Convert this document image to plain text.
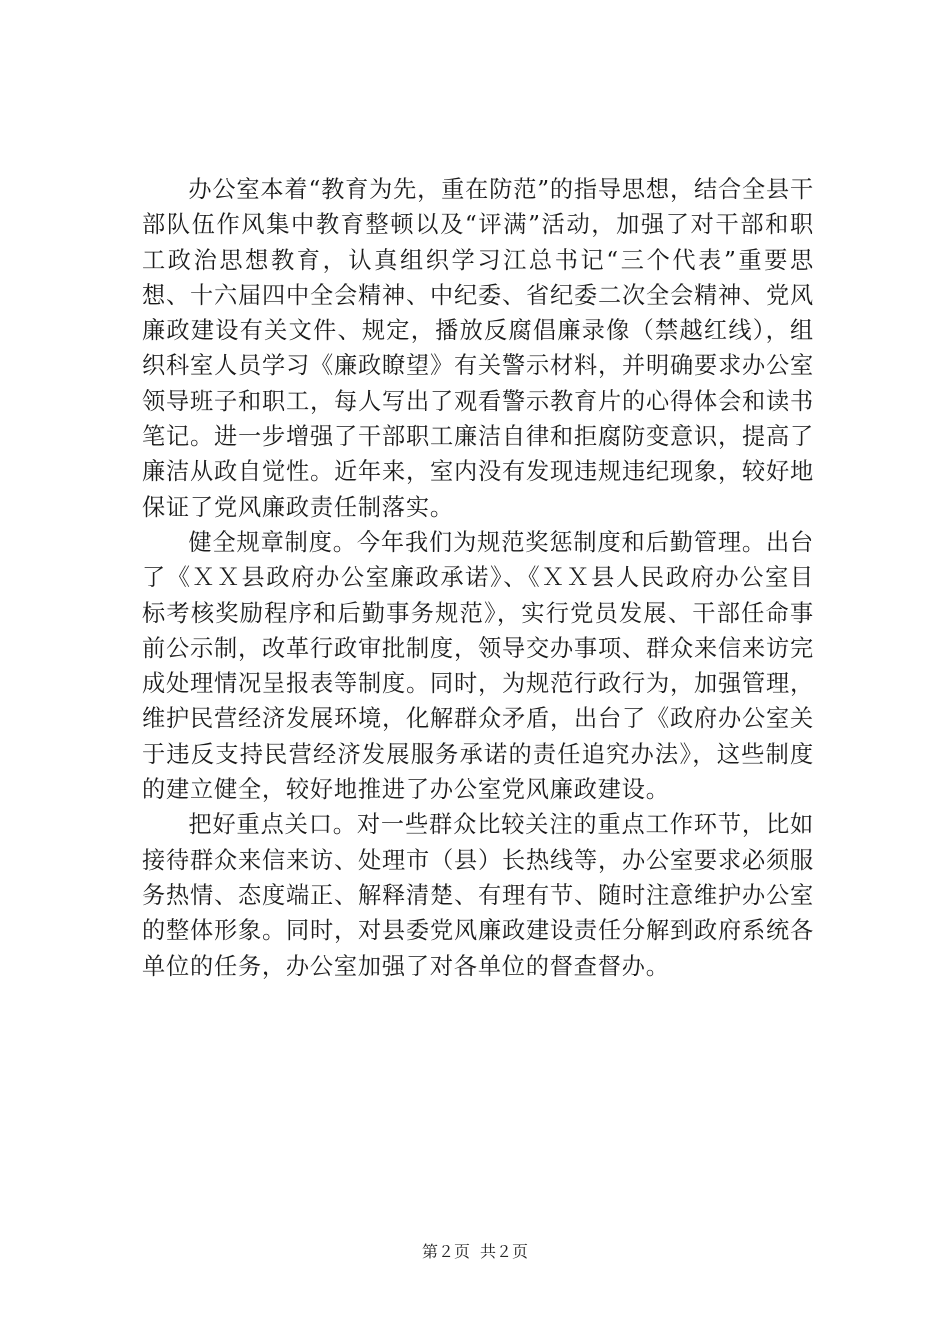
办公室本着“教育为先，重在防范”的指导思想，结合全县干部队伍作风集中教育整顿以及“评满”活动，加强了对干部和职工政治思想教育，认真组织学习江总书记“三个代表”重要思想、十六届四中全会精神、中纪委、省纪委二次全会精神、党风廉政建设有关文件、规定，播放反腐倡廉录像（禁越红线），组织科室人员学习《廉政瞭望》有关警示材料，并明确要求办公室领导班子和职工，每人写出了观看警示教育片的心得体会和读书笔记。进一步增强了干部职工廉洁自律和拒腐防变意识，提高了廉洁从政自觉性。近年来，室内没有发现违规违纪现象，较好地保证了党风廉政责任制落实。

健全规章制度。今年我们为规范奖惩制度和后勤管理。出台了《ＸＸ县政府办公室廉政承诺》、《ＸＸ县人民政府办公室目标考核奖励程序和后勤事务规范》，实行党员发展、干部任命事前公示制，改革行政审批制度，领导交办事项、群众来信来访完成处理情况呈报表等制度。同时，为规范行政行为，加强管理，维护民营经济发展环境，化解群众矛盾，出台了《政府办公室关于违反支持民营经济发展服务承诺的责任追究办法》，这些制度的建立健全，较好地推进了办公室党风廉政建设。

把好重点关口。对一些群众比较关注的重点工作环节，比如接待群众来信来访、处理市（县）长热线等，办公室要求必须服务热情、态度端正、解释清楚、有理有节、随时注意维护办公室的整体形象。同时，对县委党风廉政建设责任分解到政府系统各单位的任务，办公室加强了对各单位的督查督办。

第２页 共２页
